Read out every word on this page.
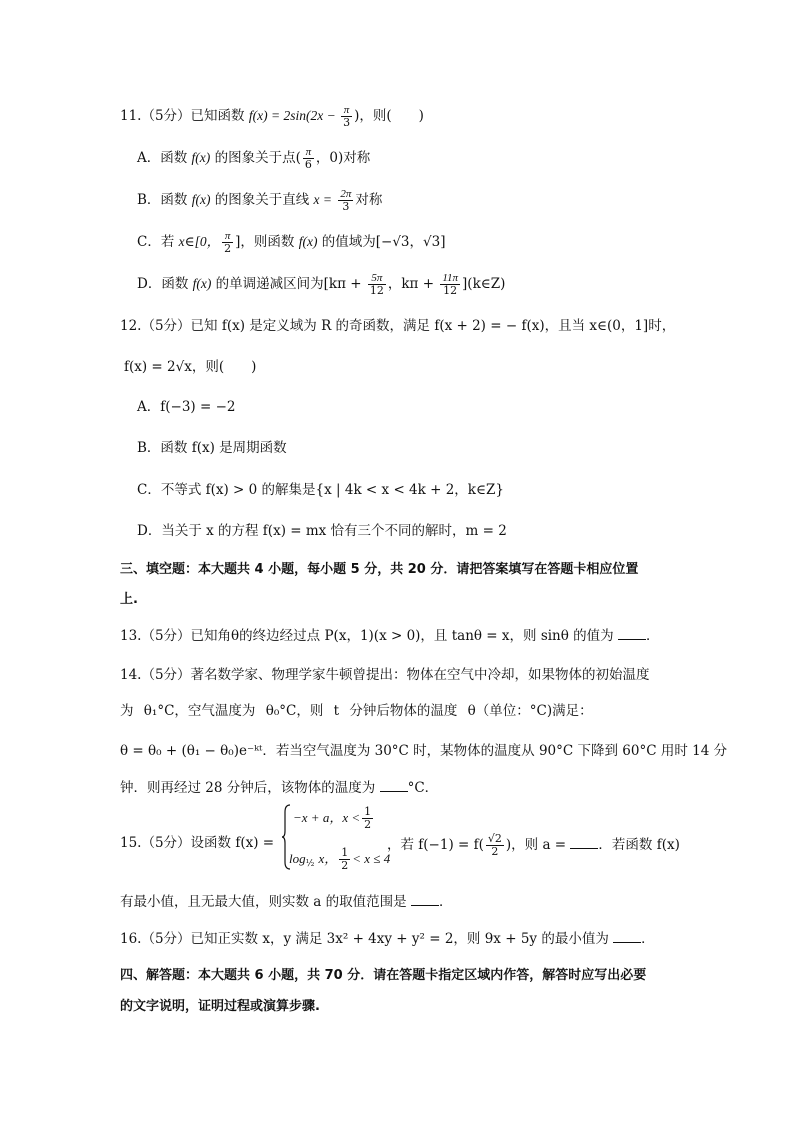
11.（5分）已知函数 $f(x) = 2\sin(2x - \frac{\pi}{3}$ )，则(　　)
A．函数 f(x) 的图象关于点( $\frac{\pi}{6}$ ，0)对称
B．函数 f(x) 的图象关于直线 $x = \frac{2\pi}{3}$ 对称
C．若 x∈[0， $\frac{\pi}{2}$ ]，则函数 f(x) 的值域为[−√3，√3]
D．函数 f(x) 的单调递减区间为[$k\pi + \frac{5\pi}{12}$ ，$k\pi + \frac{11\pi}{12}$ ](k∈Z)
12.（5分）已知 f(x) 是定义域为 R 的奇函数，满足 f(x + 2) = − f(x)，且当 x∈(0，1]时，
f(x) = 2√x，则(　　)
A．f(−3) = −2
B．函数 f(x) 是周期函数
C．不等式 f(x) > 0 的解集是{x | 4k < x < 4k + 2，k∈Z}
D．当关于 x 的方程 f(x) = mx 恰有三个不同的解时，m = 2
三、填空题：本大题共 4 小题，每小题 5 分，共 20 分．请把答案填写在答题卡相应位置
上.
13.（5分）已知角θ的终边经过点 P(x，1)(x > 0)，且 tanθ = x，则 sinθ 的值为 ．
14.（5分）著名数学家、物理学家牛顿曾提出：物体在空气中冷却，如果物体的初始温度
为 θ₁°C，空气温度为 θ₀°C，则 t 分钟后物体的温度 θ（单位：°C)满足：
θ = θ₀ + (θ₁ − θ₀)e⁻ᵏᵗ．若当空气温度为 30°C 时，某物体的温度从 90°C 下降到 60°C 用时 14 分
钟．则再经过 28 分钟后，该物体的温度为 °C．
15.（5分）设函数 f(x) =
−x + a，$x < \frac{1}{2}$
$\log_{\frac{1}{2}} x$， $\frac{1}{2} < x \le 4$
，若 $f(-1) = f( \frac{√2}{2}$ )，则 a = ．若函数 f(x)
有最小值，且无最大值，则实数 a 的取值范围是 ．
16.（5分）已知正实数 x，y 满足 3x² + 4xy + y² = 2，则 9x + 5y 的最小值为 ．
四、解答题：本大题共 6 小题，共 70 分．请在答题卡指定区域内作答，解答时应写出必要
的文字说明，证明过程或演算步骤.
